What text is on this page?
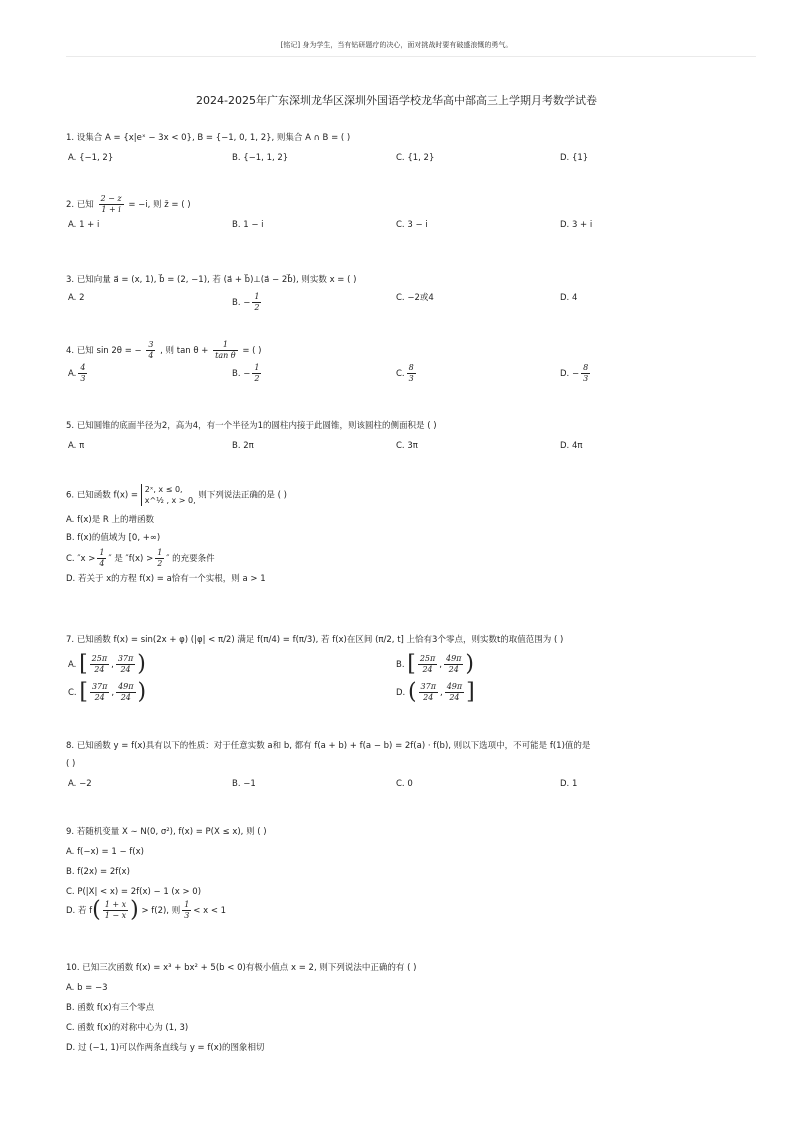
[铭记] 身为学生，当有钻研题疗的决心，面对挑战时要有破盛浪慨的勇气。
2024-2025年广东深圳龙华区深圳外国语学校龙华高中部高三上学期月考数学试卷
1. 设集合 A = {x|eˣ − 3x < 0}, B = {−1, 0, 1, 2}, 则集合 A ∩ B = ( )
A. {−1, 2}	B. {−1, 1, 2}	C. {1, 2}	D. {1}
2. 已知 $\frac{2 - z}{1 + i} = -i$, 则 z̄ = ( )
A. 1 + i	B. 1 − i	C. 3 − i	D. 3 + i
3. 已知向量 a⃗ = (x, 1), b⃗ = (2, −1), 若 (a⃗ + b⃗)⊥(a⃗ − 2b⃗), 则实数 x = ( )
A. 2	B. − $\frac{1}{2}$	C. −2或4	D. 4
4. 已知 sin 2θ = − $\frac{3}{4}$ , 则 $\tan \theta + \frac{1}{\text{tan θ}}$ = ( )
A. $\frac{4}{3}$	B. − $\frac{1}{2}$	C. $\frac{8}{3}$	D. − $\frac{8}{3}$
5. 已知圆锥的底面半径为2，高为4，有一个半径为1的圆柱内接于此圆锥，则该圆柱的侧面积是 ( )
A. π	B. 2π	C. 3π	D. 4π
6. 已知函数 f(x) =
2ˣ, x ≤ 0,
x^½ , x > 0, 则下列说法正确的是 ( )
A. f(x)是 R 上的增函数
B. f(x)的值域为 [0, +∞)
C. $''x > \frac{1}{4}$ ″ 是 $''f(x) > \frac{1}{2}$ ″ 的充要条件
D. 若关于 x的方程 f(x) = a恰有一个实根，则 a > 1
7. 已知函数 f(x) = sin(2x + φ) (|φ| < π/2) 满足 f(π/4) = f(π/3), 若 f(x)在区间 (π/2, t] 上恰有3个零点，则实数t的取值范围为 ( )
A. [ $\frac{25\pi}{24}$ , $\frac{37\pi}{24}$ )	B. [ $\frac{25\pi}{24}$ , $\frac{49\pi}{24}$ )
C. [ $\frac{37\pi}{24}$ , $\frac{49\pi}{24}$ )	D. ( $\frac{37\pi}{24}$ , $\frac{49\pi}{24}$ ]
8. 已知函数 y = f(x)具有以下的性质：对于任意实数 a和 b, 都有 f(a + b) + f(a − b) = 2f(a) · f(b), 则以下选项中，不可能是 f(1)值的是
( )
A. −2	B. −1	C. 0	D. 1
9. 若随机变量 X ∼ N(0, σ²), f(x) = P(X ≤ x), 则 ( )
A. f(−x) = 1 − f(x)
B. f(2x) = 2f(x)
C. P(|X| < x) = 2f(x) − 1 (x > 0)
D. 若 $f( \frac{1 + x}{1 - x}$ ) > f(2), 则 $\frac{1}{3} < x < 1$
10. 已知三次函数 f(x) = x³ + bx² + 5(b < 0)有极小值点 x = 2, 则下列说法中正确的有 ( )
A. b = −3
B. 函数 f(x)有三个零点
C. 函数 f(x)的对称中心为 (1, 3)
D. 过 (−1, 1)可以作两条直线与 y = f(x)的图象相切
